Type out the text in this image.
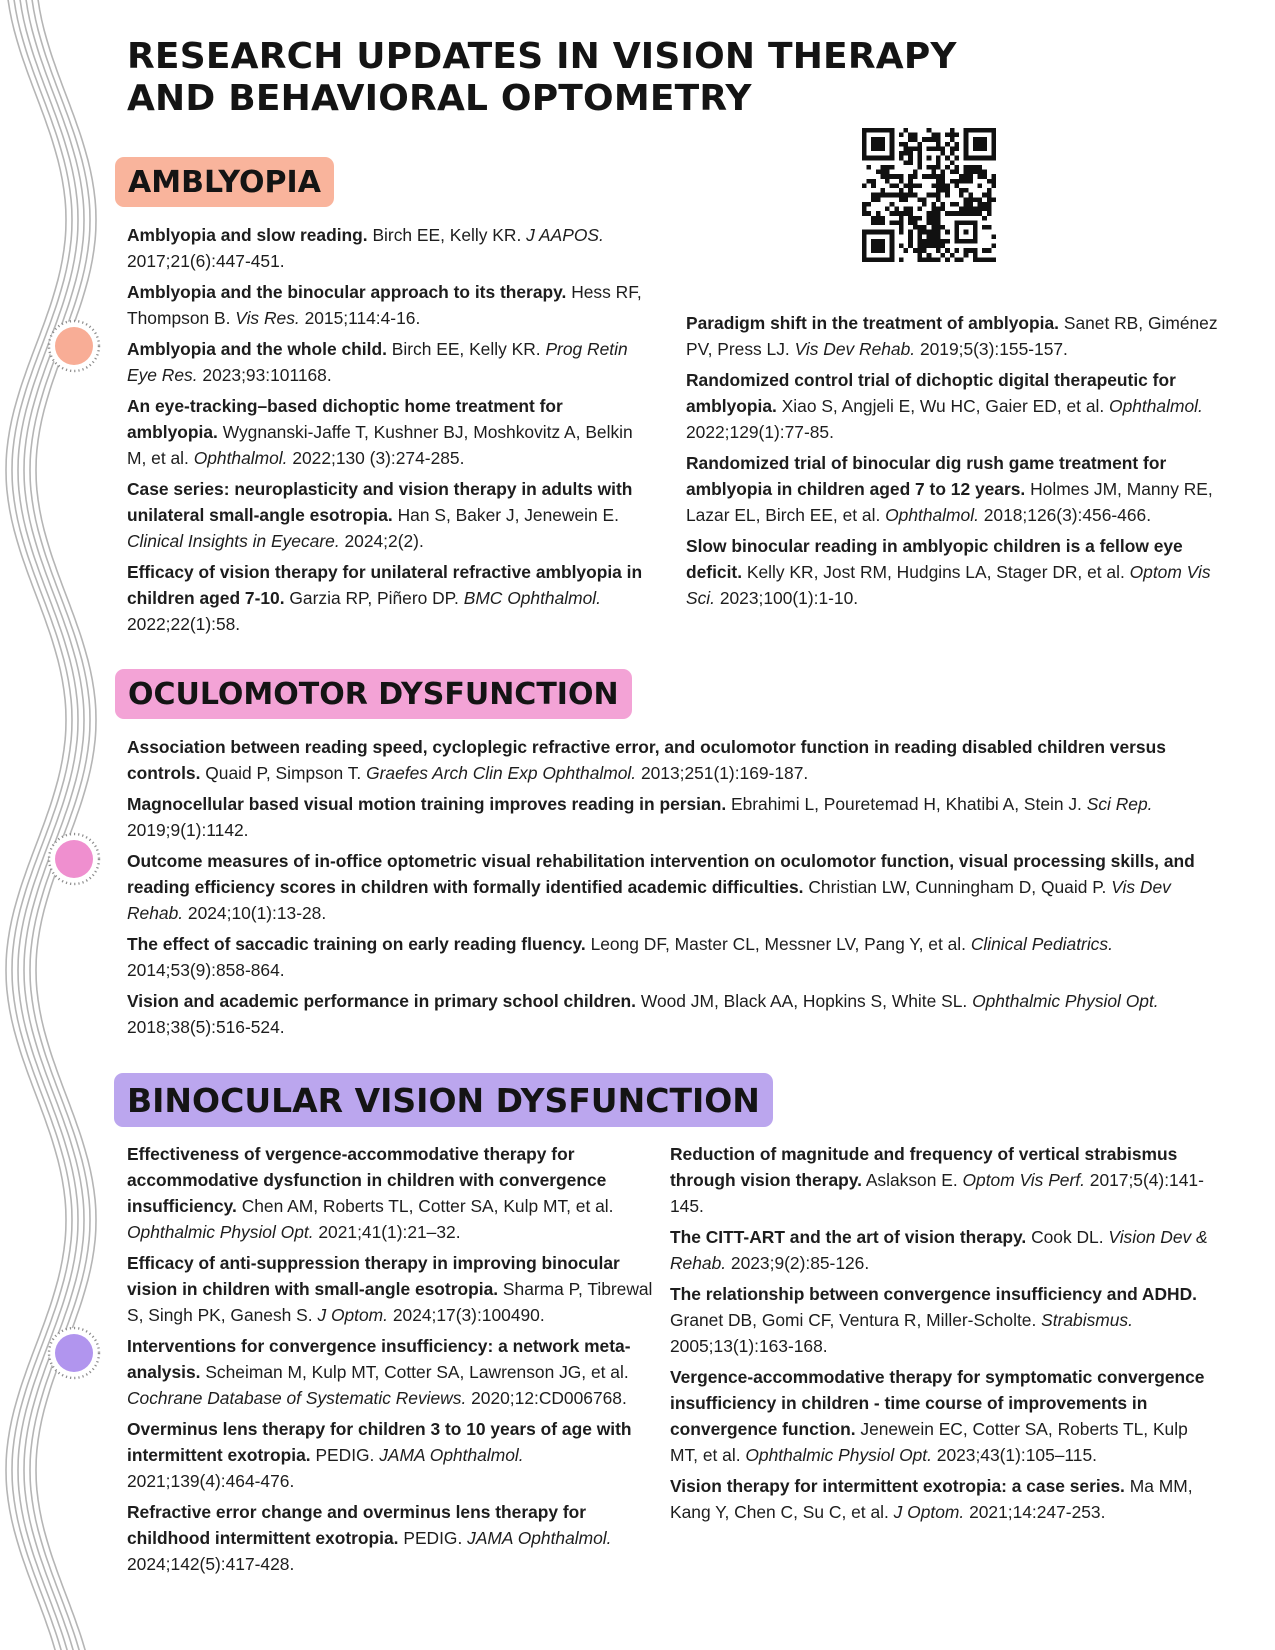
RESEARCH UPDATES IN VISION THERAPY AND BEHAVIORAL OPTOMETRY
AMBLYOPIA

Amblyopia and slow reading. Birch EE, Kelly KR. J AAPOS. 2017;21(6):447-451.

Amblyopia and the binocular approach to its therapy. Hess RF, Thompson B. Vis Res. 2015;114:4-16.

Amblyopia and the whole child. Birch EE, Kelly KR. Prog Retin Eye Res. 2023;93:101168.

An eye-tracking–based dichoptic home treatment for amblyopia. Wygnanski-Jaffe T, Kushner BJ, Moshkovitz A, Belkin M, et al. Ophthalmol. 2022;130 (3):274-285.

Case series: neuroplasticity and vision therapy in adults with unilateral small-angle esotropia. Han S, Baker J, Jenewein E. Clinical Insights in Eyecare. 2024;2(2).

Efficacy of vision therapy for unilateral refractive amblyopia in children aged 7-10. Garzia RP, Piñero DP. BMC Ophthalmol. 2022;22(1):58.

Paradigm shift in the treatment of amblyopia. Sanet RB, Giménez PV, Press LJ. Vis Dev Rehab. 2019;5(3):155-157.

Randomized control trial of dichoptic digital therapeutic for amblyopia. Xiao S, Angjeli E, Wu HC, Gaier ED, et al. Ophthalmol. 2022;129(1):77-85.

Randomized trial of binocular dig rush game treatment for amblyopia in children aged 7 to 12 years. Holmes JM, Manny RE, Lazar EL, Birch EE, et al. Ophthalmol. 2018;126(3):456-466.

Slow binocular reading in amblyopic children is a fellow eye deficit. Kelly KR, Jost RM, Hudgins LA, Stager DR, et al. Optom Vis Sci. 2023;100(1):1-10.

OCULOMOTOR DYSFUNCTION

Association between reading speed, cycloplegic refractive error, and oculomotor function in reading disabled children versus controls. Quaid P, Simpson T. Graefes Arch Clin Exp Ophthalmol. 2013;251(1):169-187.

Magnocellular based visual motion training improves reading in persian. Ebrahimi L, Pouretemad H, Khatibi A, Stein J. Sci Rep. 2019;9(1):1142.

Outcome measures of in-office optometric visual rehabilitation intervention on oculomotor function, visual processing skills, and reading efficiency scores in children with formally identified academic difficulties. Christian LW, Cunningham D, Quaid P. Vis Dev Rehab. 2024;10(1):13-28.

The effect of saccadic training on early reading fluency. Leong DF, Master CL, Messner LV, Pang Y, et al. Clinical Pediatrics. 2014;53(9):858-864.

Vision and academic performance in primary school children. Wood JM, Black AA, Hopkins S, White SL. Ophthalmic Physiol Opt. 2018;38(5):516-524.

BINOCULAR VISION DYSFUNCTION

Effectiveness of vergence-accommodative therapy for accommodative dysfunction in children with convergence insufficiency. Chen AM, Roberts TL, Cotter SA, Kulp MT, et al. Ophthalmic Physiol Opt. 2021;41(1):21–32.

Efficacy of anti-suppression therapy in improving binocular vision in children with small-angle esotropia. Sharma P, Tibrewal S, Singh PK, Ganesh S. J Optom. 2024;17(3):100490.

Interventions for convergence insufficiency: a network meta-analysis. Scheiman M, Kulp MT, Cotter SA, Lawrenson JG, et al. Cochrane Database of Systematic Reviews. 2020;12:CD006768.

Overminus lens therapy for children 3 to 10 years of age with intermittent exotropia. PEDIG. JAMA Ophthalmol. 2021;139(4):464-476.

Refractive error change and overminus lens therapy for childhood intermittent exotropia. PEDIG. JAMA Ophthalmol. 2024;142(5):417-428.

Reduction of magnitude and frequency of vertical strabismus through vision therapy. Aslakson E. Optom Vis Perf. 2017;5(4):141-145.

The CITT-ART and the art of vision therapy. Cook DL. Vision Dev & Rehab. 2023;9(2):85-126.

The relationship between convergence insufficiency and ADHD. Granet DB, Gomi CF, Ventura R, Miller-Scholte. Strabismus. 2005;13(1):163-168.

Vergence-accommodative therapy for symptomatic convergence insufficiency in children - time course of improvements in convergence function. Jenewein EC, Cotter SA, Roberts TL, Kulp MT, et al. Ophthalmic Physiol Opt. 2023;43(1):105–115.

Vision therapy for intermittent exotropia: a case series. Ma MM, Kang Y, Chen C, Su C, et al. J Optom. 2021;14:247-253.
